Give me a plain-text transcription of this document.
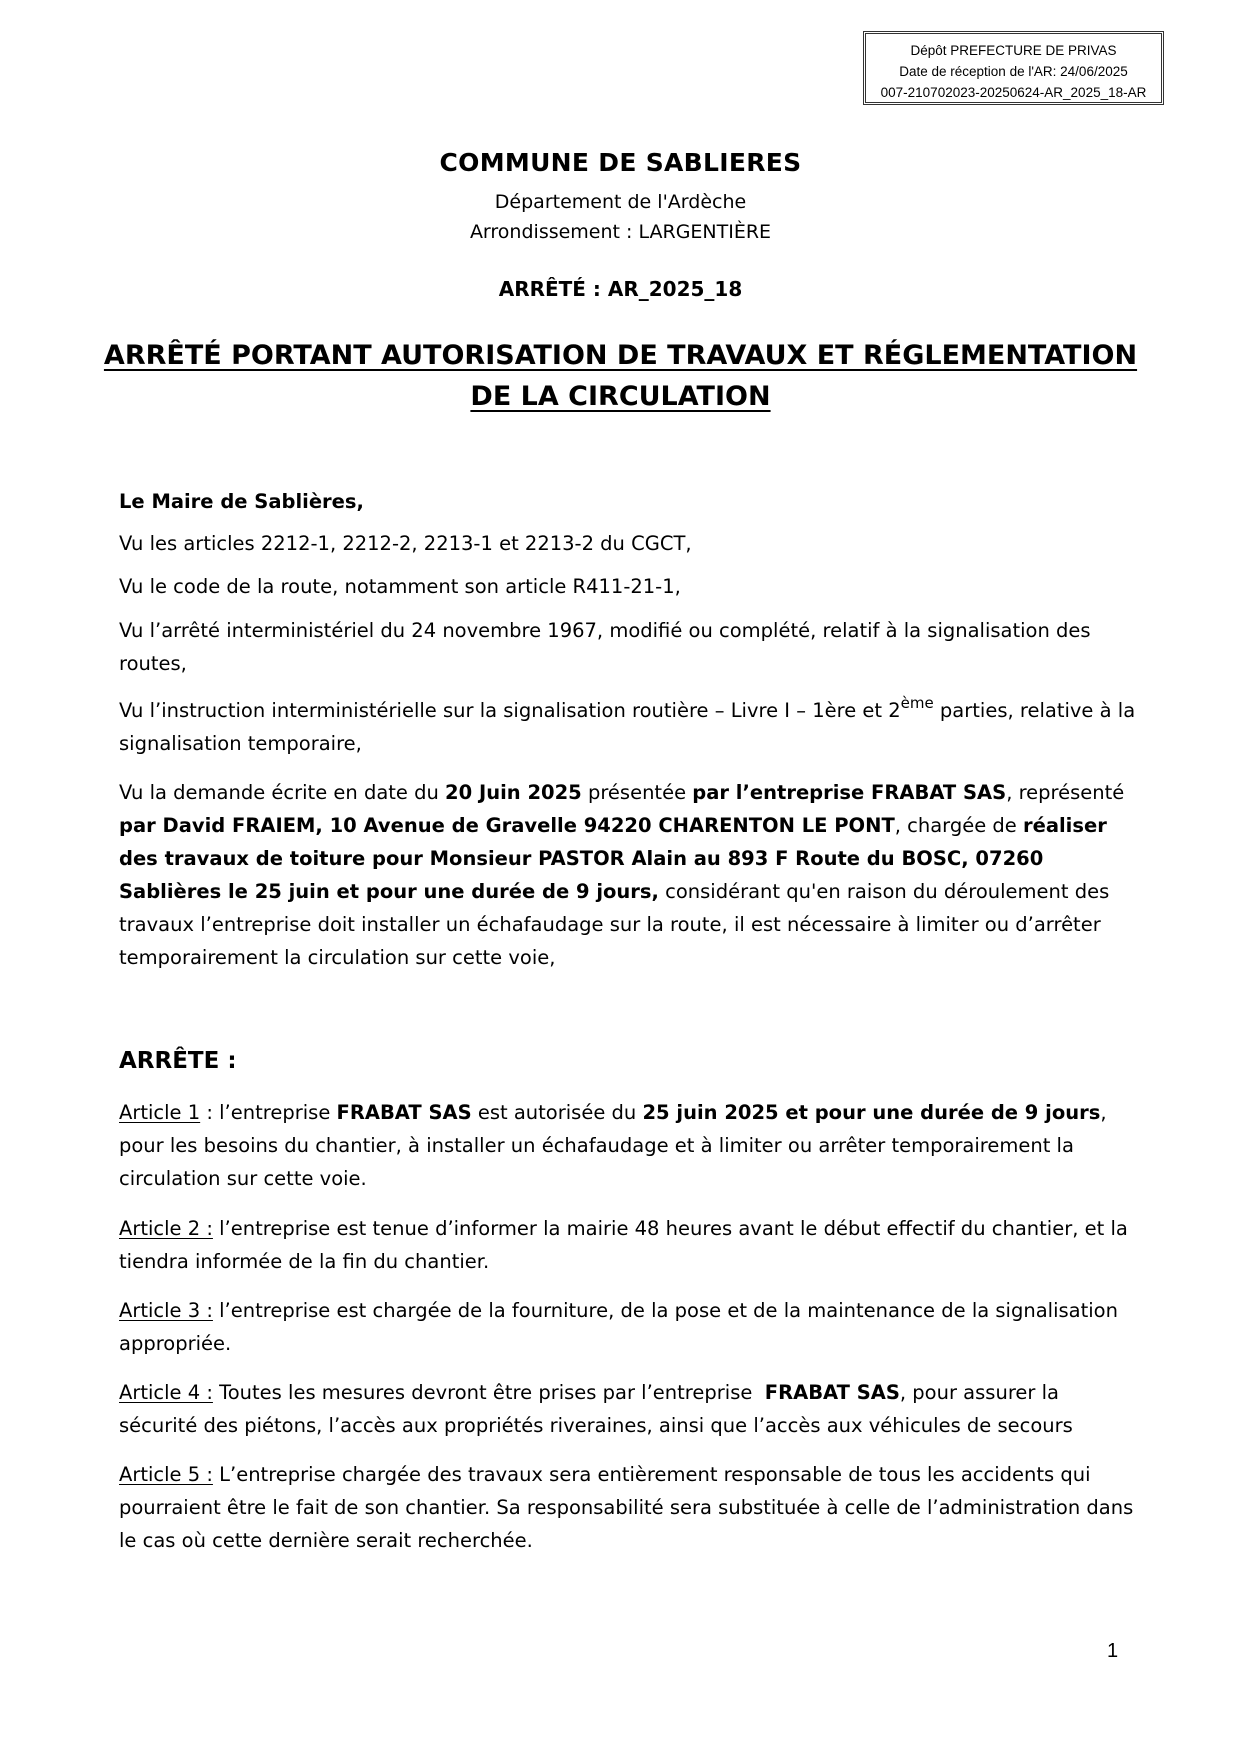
Dépôt PREFECTURE DE PRIVAS
Date de réception de l'AR: 24/06/2025
007-210702023-20250624-AR_2025_18-AR
COMMUNE DE SABLIERES
Département de l'Ardèche
Arrondissement : LARGENTIÈRE
ARRÊTÉ : AR_2025_18
ARRÊTÉ PORTANT AUTORISATION DE TRAVAUX ET RÉGLEMENTATION
DE LA CIRCULATION
Le Maire de Sablières,
Vu les articles 2212-1, 2212-2, 2213-1 et 2213-2 du CGCT,
Vu le code de la route, notamment son article R411-21-1,
Vu l’arrêté interministériel du 24 novembre 1967, modifié ou complété, relatif à la signalisation des routes,
Vu l’instruction interministérielle sur la signalisation routière – Livre I – 1ère et 2ème parties, relative à la signalisation temporaire,
Vu la demande écrite en date du 20 Juin 2025 présentée par l’entreprise FRABAT SAS, représenté par David FRAIEM, 10 Avenue de Gravelle 94220 CHARENTON LE PONT, chargée de réaliser des travaux de toiture pour Monsieur PASTOR Alain au 893 F Route du BOSC, 07260 Sablières le 25 juin et pour une durée de 9 jours, considérant qu'en raison du déroulement des travaux l’entreprise doit installer un échafaudage sur la route, il est nécessaire à limiter ou d’arrêter temporairement la circulation sur cette voie,
ARRÊTE :
Article 1 : l’entreprise FRABAT SAS est autorisée du 25 juin 2025 et pour une durée de 9 jours, pour les besoins du chantier, à installer un échafaudage et à limiter ou arrêter temporairement la circulation sur cette voie.
Article 2 : l’entreprise est tenue d’informer la mairie 48 heures avant le début effectif du chantier, et la tiendra informée de la fin du chantier.
Article 3 : l’entreprise est chargée de la fourniture, de la pose et de la maintenance de la signalisation appropriée.
Article 4 : Toutes les mesures devront être prises par l’entreprise  FRABAT SAS, pour assurer la sécurité des piétons, l’accès aux propriétés riveraines, ainsi que l’accès aux véhicules de secours
Article 5 : L’entreprise chargée des travaux sera entièrement responsable de tous les accidents qui pourraient être le fait de son chantier. Sa responsabilité sera substituée à celle de l’administration dans le cas où cette dernière serait recherchée.
1
